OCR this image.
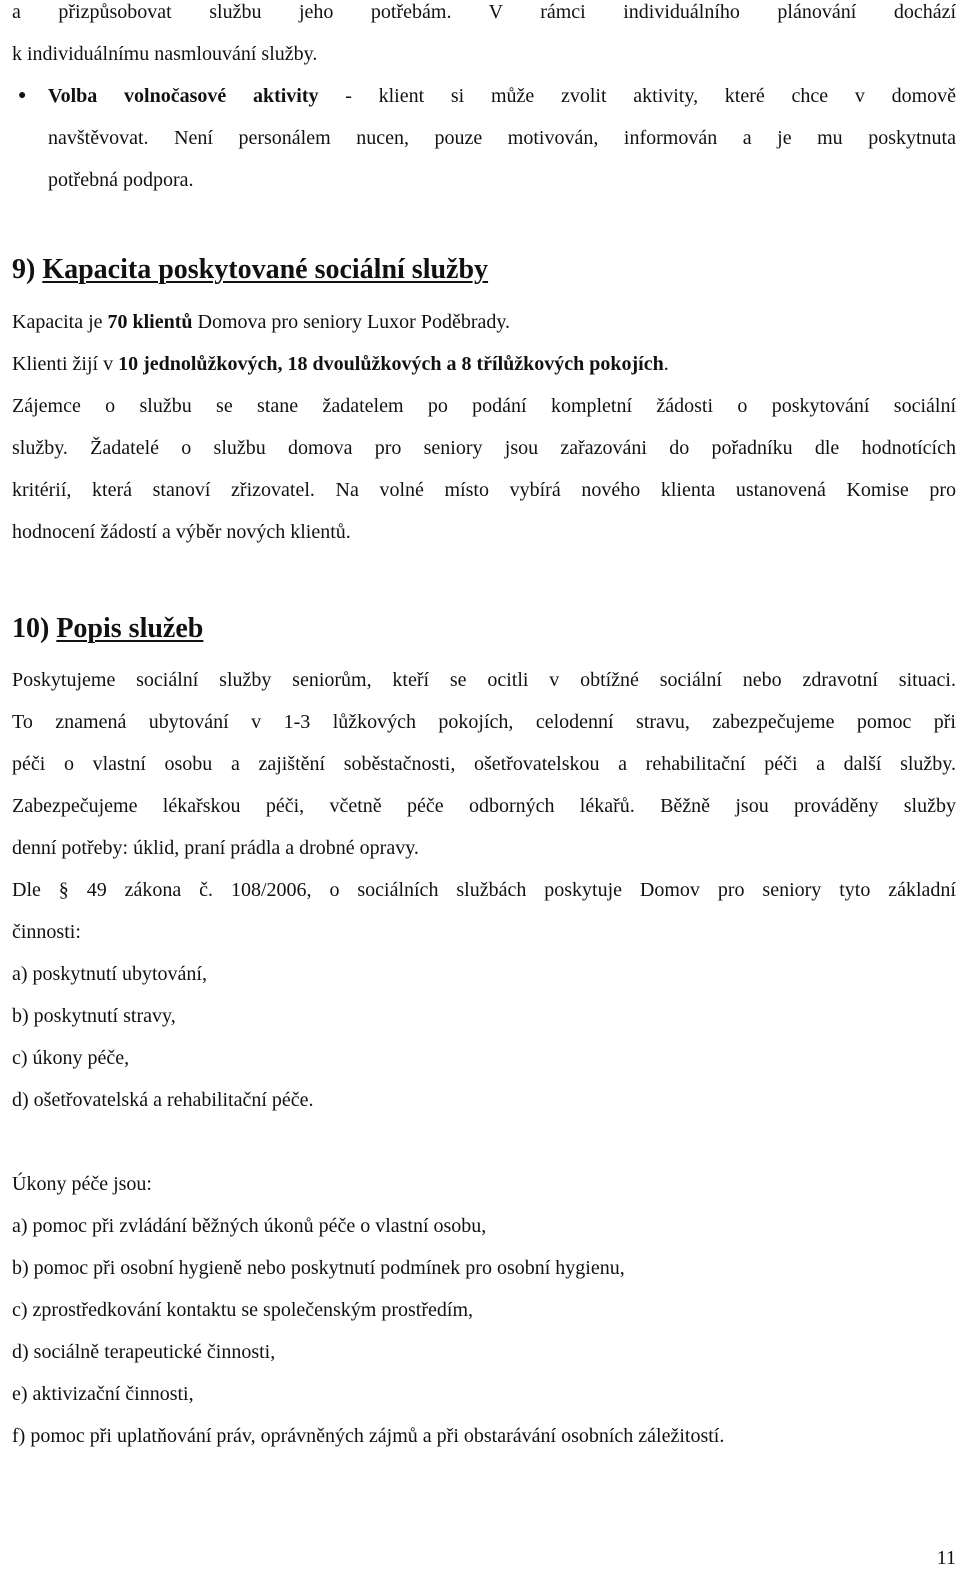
a přizpůsobovat službu jeho potřebám. V rámci individuálního plánování dochází
k individuálnímu nasmlouvání služby.
● Volba volnočasové aktivity - klient si může zvolit aktivity, které chce v domově
navštěvovat. Není personálem nucen, pouze motivován, informován a je mu poskytnuta
potřebná podpora.
9) Kapacita poskytované sociální služby
Kapacita je 70 klientů Domova pro seniory Luxor Poděbrady.
Klienti žijí v 10 jednolůžkových, 18 dvoulůžkových a 8 třílůžkových pokojích.
Zájemce o službu se stane žadatelem po podání kompletní žádosti o poskytování sociální
služby. Žadatelé o službu domova pro seniory jsou zařazováni do pořadníku dle hodnotících
kritérií, která stanoví zřizovatel. Na volné místo vybírá nového klienta ustanovená Komise pro
hodnocení žádostí a výběr nových klientů.
10) Popis služeb
Poskytujeme sociální služby seniorům, kteří se ocitli v obtížné sociální nebo zdravotní situaci.
To znamená ubytování v 1-3 lůžkových pokojích, celodenní stravu, zabezpečujeme pomoc při
péči o vlastní osobu a zajištění soběstačnosti, ošetřovatelskou a rehabilitační péči a další služby.
Zabezpečujeme lékařskou péči, včetně péče odborných lékařů. Běžně jsou prováděny služby
denní potřeby: úklid, praní prádla a drobné opravy.
Dle § 49 zákona č. 108/2006, o sociálních službách poskytuje Domov pro seniory tyto základní
činnosti:
a) poskytnutí ubytování,
b) poskytnutí stravy,
c) úkony péče,
d) ošetřovatelská a rehabilitační péče.
Úkony péče jsou:
a) pomoc při zvládání běžných úkonů péče o vlastní osobu,
b) pomoc při osobní hygieně nebo poskytnutí podmínek pro osobní hygienu,
c) zprostředkování kontaktu se společenským prostředím,
d) sociálně terapeutické činnosti,
e) aktivizační činnosti,
f) pomoc při uplatňování práv, oprávněných zájmů a při obstarávání osobních záležitostí.
11
